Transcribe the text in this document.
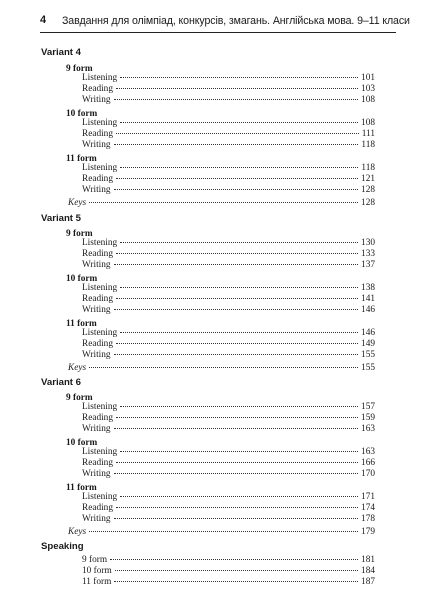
4 Завдання для олімпіад, конкурсів, змагань. Англійська мова. 9–11 класи
Variant 4
9 form
Listening	101
Reading	103
Writing	108
10 form
Listening	108
Reading	111
Writing	118
11 form
Listening	118
Reading	121
Writing	128
Keys	128
Variant 5
9 form
Listening	130
Reading	133
Writing	137
10 form
Listening	138
Reading	141
Writing	146
11 form
Listening	146
Reading	149
Writing	155
Keys	155
Variant 6
9 form
Listening	157
Reading	159
Writing	163
10 form
Listening	163
Reading	166
Writing	170
11 form
Listening	171
Reading	174
Writing	178
Keys	179
Speaking
9 form	181
10 form	184
11 form	187
